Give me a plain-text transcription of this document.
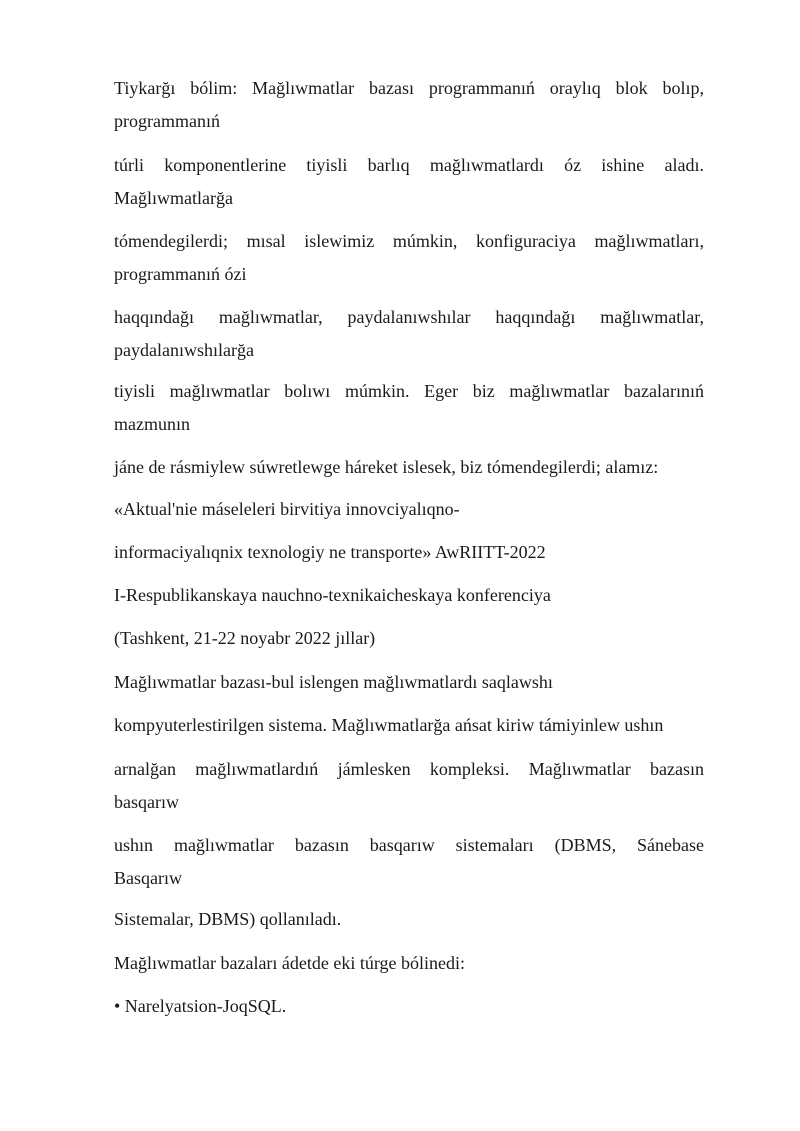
Tiykarğı bólim: Mağlıwmatlar bazası programmanıń oraylıq blok bolıp,
programmanıń
túrli komponentlerine tiyisli barlıq mağlıwmatlardı óz ishine aladı.
Mağlıwmatlarğa
tómendegilerdi; mısal islewimiz múmkin, konfiguraciya mağlıwmatları,
programmanıń ózi
haqqındağı mağlıwmatlar, paydalanıwshılar haqqındağı mağlıwmatlar,
paydalanıwshılarğa
tiyisli mağlıwmatlar bolıwı múmkin. Eger biz mağlıwmatlar bazalarınıń
mazmunın
jáne de rásmiylew súwretlewge háreket islesek, biz tómendegilerdi; alamız:
«Aktual'nie máseleleri birvitiya innovciyalıqno-
informaciyalıqnix texnologiy ne transporte» AwRIITT-2022
I-Respublikanskaya nauchno-texnikaicheskaya konferenciya
(Tashkent, 21-22 noyabr 2022 jıllar)
Mağlıwmatlar bazası-bul islengen mağlıwmatlardı saqlawshı
kompyuterlestirilgen sistema. Mağlıwmatlarğa ańsat kiriw támiyinlew ushın
arnalğan mağlıwmatlardıń jámlesken kompleksi. Mağlıwmatlar bazasın
basqarıw
ushın mağlıwmatlar bazasın basqarıw sistemaları (DBMS, Sánebase
Basqarıw
Sistemalar, DBMS) qollanıladı.
Mağlıwmatlar bazaları ádetde eki túrge bólinedi:
• Narelyatsion-JoqSQL.
